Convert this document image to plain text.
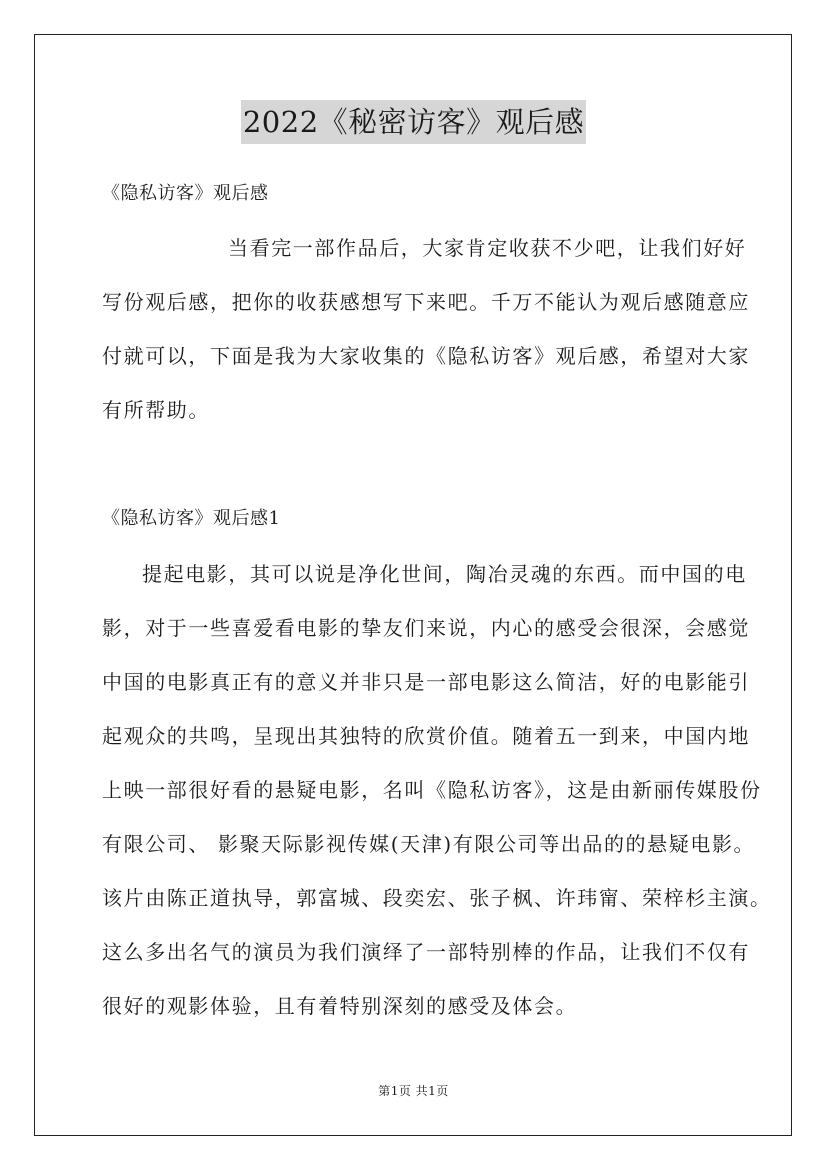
2022《秘密访客》观后感
《隐私访客》观后感
当看完一部作品后，大家肯定收获不少吧，让我们好好
写份观后感，把你的收获感想写下来吧。千万不能认为观后感随意应
付就可以，下面是我为大家收集的《隐私访客》观后感，希望对大家
有所帮助。
《隐私访客》观后感1
提起电影，其可以说是净化世间，陶冶灵魂的东西。而中国的电
影，对于一些喜爱看电影的挚友们来说，内心的感受会很深，会感觉
中国的电影真正有的意义并非只是一部电影这么简洁，好的电影能引
起观众的共鸣，呈现出其独特的欣赏价值。随着五一到来，中国内地
上映一部很好看的悬疑电影，名叫《隐私访客》，这是由新丽传媒股份
有限公司、 影聚天际影视传媒(天津)有限公司等出品的的悬疑电影。
该片由陈正道执导，郭富城、段奕宏、张子枫、许玮甯、荣梓杉主演。
这么多出名气的演员为我们演绎了一部特别棒的作品，让我们不仅有
很好的观影体验，且有着特别深刻的感受及体会。
第1页 共1页
